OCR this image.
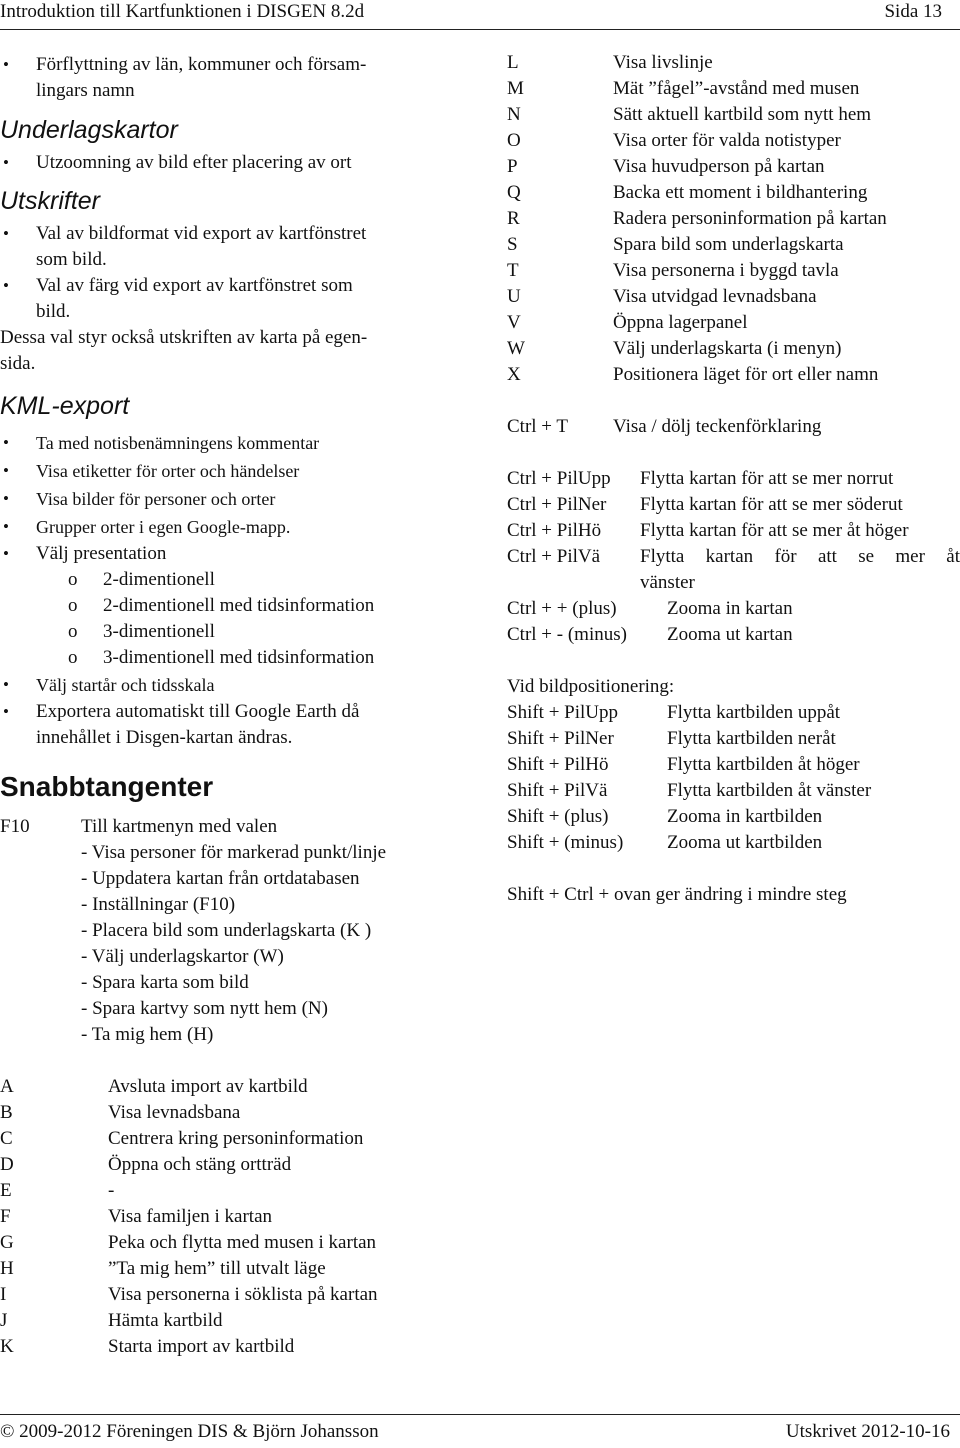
Introduktion till Kartfunktionen i DISGEN 8.2d	Sida 13
• Förflyttning av län, kommuner och försam-
lingars namn
Underlagskartor
• Utzoomning av bild efter placering av ort
Utskrifter
• Val av bildformat vid export av kartfönstret
som bild.
• Val av färg vid export av kartfönstret som
bild.
Dessa val styr också utskriften av karta på egen-
sida.
KML-export
• Ta med notisbenämningens kommentar
• Visa etiketter för orter och händelser
• Visa bilder för personer och orter
• Grupper orter i egen Google-mapp.
• Välj presentation
o 2-dimentionell
o 2-dimentionell med tidsinformation
o 3-dimentionell
o 3-dimentionell med tidsinformation
• Välj startår och tidsskala
• Exportera automatiskt till Google Earth då
innehållet i Disgen-kartan ändras.
Snabbtangenter
F10	Till kartmenyn med valen
- Visa personer för markerad punkt/linje
- Uppdatera kartan från ortdatabasen
- Inställningar (F10)
- Placera bild som underlagskarta (K )
- Välj underlagskartor (W)
- Spara karta som bild
- Spara kartvy som nytt hem (N)
- Ta mig hem (H)
A	Avsluta import av kartbild
B	Visa levnadsbana
C	Centrera kring personinformation
D	Öppna och stäng ortträd
E	-
F	Visa familjen i kartan
G	Peka och flytta med musen i kartan
H	”Ta mig hem” till utvalt läge
I	Visa personerna i söklista på kartan
J	Hämta kartbild
K	Starta import av kartbild
L	Visa livslinje
M	Mät ”fågel”-avstånd med musen
N	Sätt aktuell kartbild som nytt hem
O	Visa orter för valda notistyper
P	Visa huvudperson på kartan
Q	Backa ett moment i bildhantering
R	Radera personinformation på kartan
S	Spara bild som underlagskarta
T	Visa personerna i byggd tavla
U	Visa utvidgad levnadsbana
V	Öppna lagerpanel
W	Välj underlagskarta (i menyn)
X	Positionera läget för ort eller namn
Ctrl + T Visa / dölj teckenförklaring
Ctrl + PilUpp Flytta kartan för att se mer norrut
Ctrl + PilNer Flytta kartan för att se mer söderut
Ctrl + PilHö Flytta kartan för att se mer åt höger
Ctrl + PilVä Flytta kartan för att se mer åt
vänster
Ctrl + + (plus)	Zooma in kartan
Ctrl + - (minus) Zooma ut kartan
Vid bildpositionering:
Shift + PilUpp	Flytta kartbilden uppåt
Shift + PilNer	Flytta kartbilden neråt
Shift + PilHö	Flytta kartbilden åt höger
Shift + PilVä	Flytta kartbilden åt vänster
Shift + (plus)	Zooma in kartbilden
Shift + (minus) Zooma ut kartbilden
Shift + Ctrl + ovan ger ändring i mindre steg
© 2009-2012 Föreningen DIS & Björn Johansson	Utskrivet 2012-10-16
